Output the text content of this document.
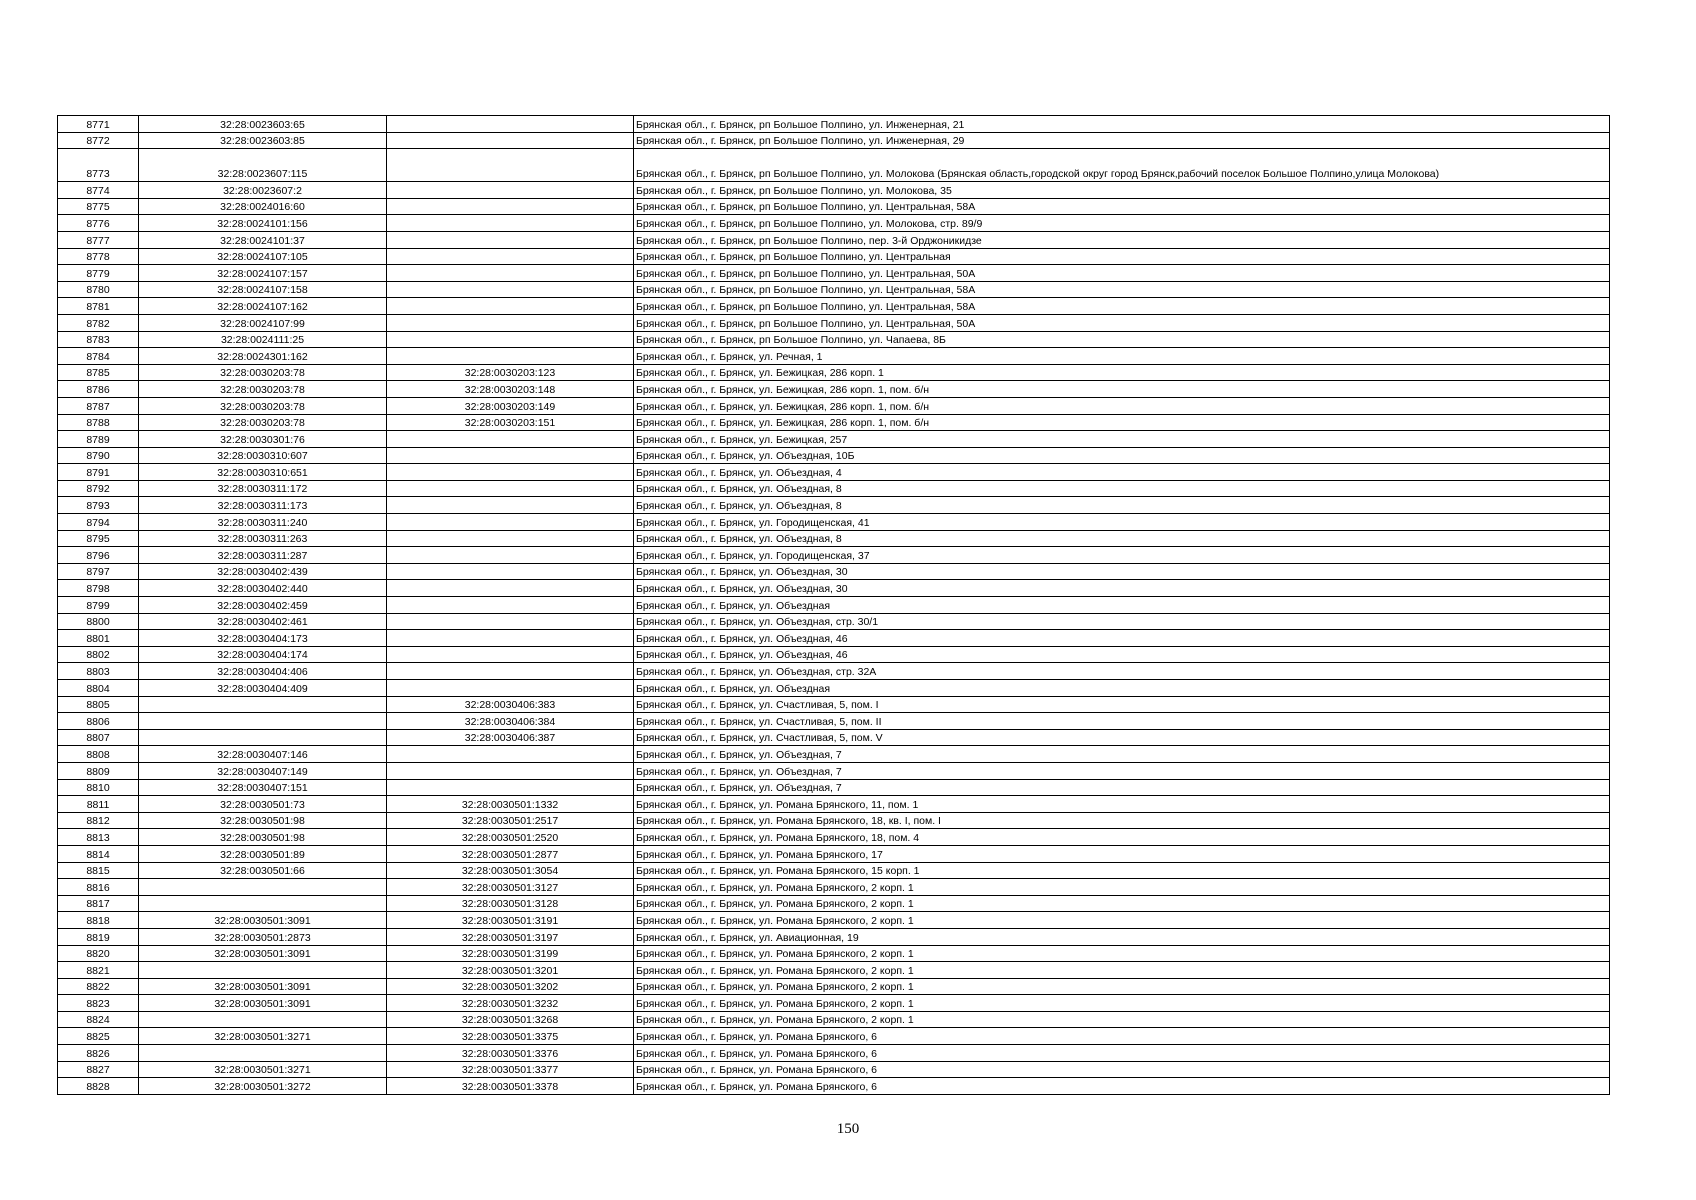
8771	32:28:0023603:65		Брянская обл., г. Брянск, рп Большое Полпино, ул. Инженерная, 21
8772	32:28:0023603:85		Брянская обл., г. Брянск, рп Большое Полпино, ул. Инженерная, 29
8773	32:28:0023607:115		Брянская обл., г. Брянск, рп Большое Полпино, ул. Молокова (Брянская область,городской округ город Брянск,рабочий поселок Большое Полпино,улица Молокова)
8774	32:28:0023607:2		Брянская обл., г. Брянск, рп Большое Полпино, ул. Молокова, 35
8775	32:28:0024016:60		Брянская обл., г. Брянск, рп Большое Полпино, ул. Центральная, 58А
8776	32:28:0024101:156		Брянская обл., г. Брянск, рп Большое Полпино, ул. Молокова, стр. 89/9
8777	32:28:0024101:37		Брянская обл., г. Брянск, рп Большое Полпино, пер. 3-й Орджоникидзе
8778	32:28:0024107:105		Брянская обл., г. Брянск, рп Большое Полпино, ул. Центральная
8779	32:28:0024107:157		Брянская обл., г. Брянск, рп Большое Полпино, ул. Центральная, 50А
8780	32:28:0024107:158		Брянская обл., г. Брянск, рп Большое Полпино, ул. Центральная, 58А
8781	32:28:0024107:162		Брянская обл., г. Брянск, рп Большое Полпино, ул. Центральная, 58А
8782	32:28:0024107:99		Брянская обл., г. Брянск, рп Большое Полпино, ул. Центральная, 50А
8783	32:28:0024111:25		Брянская обл., г. Брянск, рп Большое Полпино, ул. Чапаева, 8Б
8784	32:28:0024301:162		Брянская обл., г. Брянск, ул. Речная, 1
8785	32:28:0030203:78	32:28:0030203:123	Брянская обл., г. Брянск, ул. Бежицкая, 286 корп. 1
8786	32:28:0030203:78	32:28:0030203:148	Брянская обл., г. Брянск, ул. Бежицкая, 286 корп. 1, пом. б/н
8787	32:28:0030203:78	32:28:0030203:149	Брянская обл., г. Брянск, ул. Бежицкая, 286 корп. 1, пом. б/н
8788	32:28:0030203:78	32:28:0030203:151	Брянская обл., г. Брянск, ул. Бежицкая, 286 корп. 1, пом. б/н
8789	32:28:0030301:76		Брянская обл., г. Брянск, ул. Бежицкая, 257
8790	32:28:0030310:607		Брянская обл., г. Брянск, ул. Объездная, 10Б
8791	32:28:0030310:651		Брянская обл., г. Брянск, ул. Объездная, 4
8792	32:28:0030311:172		Брянская обл., г. Брянск, ул. Объездная, 8
8793	32:28:0030311:173		Брянская обл., г. Брянск, ул. Объездная, 8
8794	32:28:0030311:240		Брянская обл., г. Брянск, ул. Городищенская, 41
8795	32:28:0030311:263		Брянская обл., г. Брянск, ул. Объездная, 8
8796	32:28:0030311:287		Брянская обл., г. Брянск, ул. Городищенская, 37
8797	32:28:0030402:439		Брянская обл., г. Брянск, ул. Объездная, 30
8798	32:28:0030402:440		Брянская обл., г. Брянск, ул. Объездная, 30
8799	32:28:0030402:459		Брянская обл., г. Брянск, ул. Объездная
8800	32:28:0030402:461		Брянская обл., г. Брянск, ул. Объездная, стр. 30/1
8801	32:28:0030404:173		Брянская обл., г. Брянск, ул. Объездная, 46
8802	32:28:0030404:174		Брянская обл., г. Брянск, ул. Объездная, 46
8803	32:28:0030404:406		Брянская обл., г. Брянск, ул. Объездная, стр. 32А
8804	32:28:0030404:409		Брянская обл., г. Брянск, ул. Объездная
8805		32:28:0030406:383	Брянская обл., г. Брянск, ул. Счастливая, 5, пом. I
8806		32:28:0030406:384	Брянская обл., г. Брянск, ул. Счастливая, 5, пом. II
8807		32:28:0030406:387	Брянская обл., г. Брянск, ул. Счастливая, 5, пом. V
8808	32:28:0030407:146		Брянская обл., г. Брянск, ул. Объездная, 7
8809	32:28:0030407:149		Брянская обл., г. Брянск, ул. Объездная, 7
8810	32:28:0030407:151		Брянская обл., г. Брянск, ул. Объездная, 7
8811	32:28:0030501:73	32:28:0030501:1332	Брянская обл., г. Брянск, ул. Романа Брянского, 11, пом. 1
8812	32:28:0030501:98	32:28:0030501:2517	Брянская обл., г. Брянск, ул. Романа Брянского, 18, кв. I, пом. I
8813	32:28:0030501:98	32:28:0030501:2520	Брянская обл., г. Брянск, ул. Романа Брянского, 18, пом. 4
8814	32:28:0030501:89	32:28:0030501:2877	Брянская обл., г. Брянск, ул. Романа Брянского, 17
8815	32:28:0030501:66	32:28:0030501:3054	Брянская обл., г. Брянск, ул. Романа Брянского, 15 корп. 1
8816		32:28:0030501:3127	Брянская обл., г. Брянск, ул. Романа Брянского, 2 корп. 1
8817		32:28:0030501:3128	Брянская обл., г. Брянск, ул. Романа Брянского, 2 корп. 1
8818	32:28:0030501:3091	32:28:0030501:3191	Брянская обл., г. Брянск, ул. Романа Брянского, 2 корп. 1
8819	32:28:0030501:2873	32:28:0030501:3197	Брянская обл., г. Брянск, ул. Авиационная, 19
8820	32:28:0030501:3091	32:28:0030501:3199	Брянская обл., г. Брянск, ул. Романа Брянского, 2 корп. 1
8821		32:28:0030501:3201	Брянская обл., г. Брянск, ул. Романа Брянского, 2 корп. 1
8822	32:28:0030501:3091	32:28:0030501:3202	Брянская обл., г. Брянск, ул. Романа Брянского, 2 корп. 1
8823	32:28:0030501:3091	32:28:0030501:3232	Брянская обл., г. Брянск, ул. Романа Брянского, 2 корп. 1
8824		32:28:0030501:3268	Брянская обл., г. Брянск, ул. Романа Брянского, 2 корп. 1
8825	32:28:0030501:3271	32:28:0030501:3375	Брянская обл., г. Брянск, ул. Романа Брянского, 6
8826		32:28:0030501:3376	Брянская обл., г. Брянск, ул. Романа Брянского, 6
8827	32:28:0030501:3271	32:28:0030501:3377	Брянская обл., г. Брянск, ул. Романа Брянского, 6
8828	32:28:0030501:3272	32:28:0030501:3378	Брянская обл., г. Брянск, ул. Романа Брянского, 6
150
